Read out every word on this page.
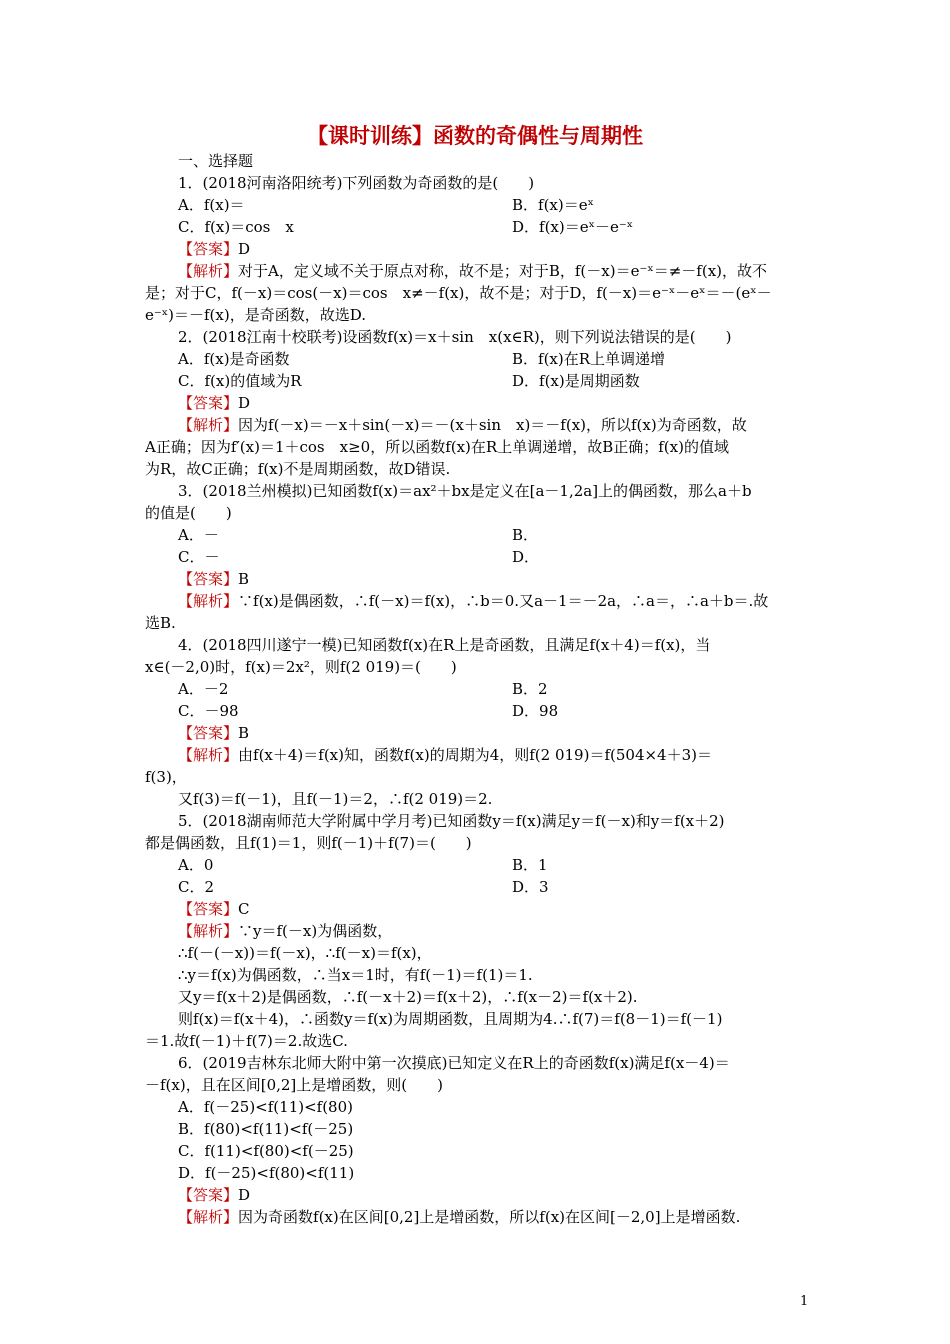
【课时训练】函数的奇偶性与周期性
一、选择题
1．(2018河南洛阳统考)下列函数为奇函数的是(　　)
A．f(x)＝	B．f(x)＝eˣ
C．f(x)＝cos　x	D．f(x)＝eˣ－e⁻ˣ
【答案】D
【解析】对于A，定义域不关于原点对称，故不是；对于B，f(－x)＝e⁻ˣ＝≠－f(x)，故不
是；对于C，f(－x)＝cos(－x)＝cos　x≠－f(x)，故不是；对于D，f(－x)＝e⁻ˣ－eˣ＝－(eˣ－
e⁻ˣ)＝－f(x)，是奇函数，故选D.
2．(2018江南十校联考)设函数f(x)＝x＋sin　x(x∈R)，则下列说法错误的是(　　)
A．f(x)是奇函数	B．f(x)在R上单调递增
C．f(x)的值域为R	D．f(x)是周期函数
【答案】D
【解析】因为f(－x)＝－x＋sin(－x)＝－(x＋sin　x)＝－f(x)，所以f(x)为奇函数，故
A正确；因为f′(x)＝1＋cos　x≥0，所以函数f(x)在R上单调递增，故B正确；f(x)的值域
为R，故C正确；f(x)不是周期函数，故D错误.
3．(2018兰州模拟)已知函数f(x)＝ax²＋bx是定义在[a－1,2a]上的偶函数，那么a＋b
的值是(　　)
A．－	B．
C．－	D．
【答案】B
【解析】∵f(x)是偶函数，∴f(－x)＝f(x)，∴b＝0.又a－1＝－2a，∴a＝，∴a＋b＝.故
选B.
4．(2018四川遂宁一模)已知函数f(x)在R上是奇函数，且满足f(x＋4)＝f(x)，当
x∈(－2,0)时，f(x)＝2x²，则f(2 019)＝(　　)
A．－2	B．2
C．－98	D．98
【答案】B
【解析】由f(x＋4)＝f(x)知，函数f(x)的周期为4，则f(2 019)＝f(504×4＋3)＝
f(3)，
又f(3)＝f(－1)，且f(－1)＝2，∴f(2 019)＝2.
5．(2018湖南师范大学附属中学月考)已知函数y＝f(x)满足y＝f(－x)和y＝f(x＋2)
都是偶函数，且f(1)＝1，则f(－1)＋f(7)＝(　　)
A．0	B．1
C．2	D．3
【答案】C
【解析】∵y＝f(－x)为偶函数，
∴f(－(－x))＝f(－x)，∴f(－x)＝f(x)，
∴y＝f(x)为偶函数，∴当x＝1时，有f(－1)＝f(1)＝1.
又y＝f(x＋2)是偶函数，∴f(－x＋2)＝f(x＋2)，∴f(x－2)＝f(x＋2).
则f(x)＝f(x＋4)，∴函数y＝f(x)为周期函数，且周期为4.∴f(7)＝f(8－1)＝f(－1)
＝1.故f(－1)＋f(7)＝2.故选C.
6．(2019吉林东北师大附中第一次摸底)已知定义在R上的奇函数f(x)满足f(x－4)＝
－f(x)，且在区间[0,2]上是增函数，则(　　)
A．f(－25)<f(11)<f(80)
B．f(80)<f(11)<f(－25)
C．f(11)<f(80)<f(－25)
D．f(－25)<f(80)<f(11)
【答案】D
【解析】因为奇函数f(x)在区间[0,2]上是增函数，所以f(x)在区间[－2,0]上是增函数.
1
